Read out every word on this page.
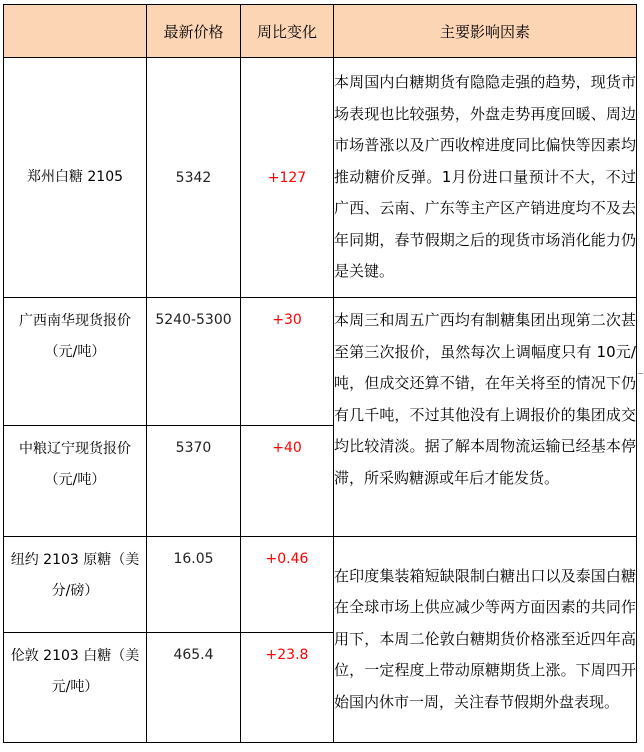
	最新价格	周比变化	主要影响因素
郑州白糖 2105	5342	+127	本周国内白糖期货有隐隐走强的趋势，现货市场表现也比较强势，外盘走势再度回暖、周边市场普涨以及广西收榨进度同比偏快等因素均推动糖价反弹。1月份进口量预计不大，不过广西、云南、广东等主产区产销进度均不及去年同期，春节假期之后的现货市场消化能力仍是关键。
广西南华现货报价（元/吨）	5240-5300	+30	本周三和周五广西均有制糖集团出现第二次甚至第三次报价，虽然每次上调幅度只有 10元/吨，但成交还算不错，在年关将至的情况下仍有几千吨，不过其他没有上调报价的集团成交均比较清淡。据了解本周物流运输已经基本停滞，所采购糖源或年后才能发货。
中粮辽宁现货报价（元/吨）	5370	+40	
纽约 2103 原糖（美分/磅）	16.05	+0.46	在印度集装箱短缺限制白糖出口以及泰国白糖在全球市场上供应减少等两方面因素的共同作用下，本周二伦敦白糖期货价格涨至近四年高位，一定程度上带动原糖期货上涨。下周四开始国内休市一周，关注春节假期外盘表现。
伦敦 2103 白糖（美元/吨）	465.4	+23.8	
